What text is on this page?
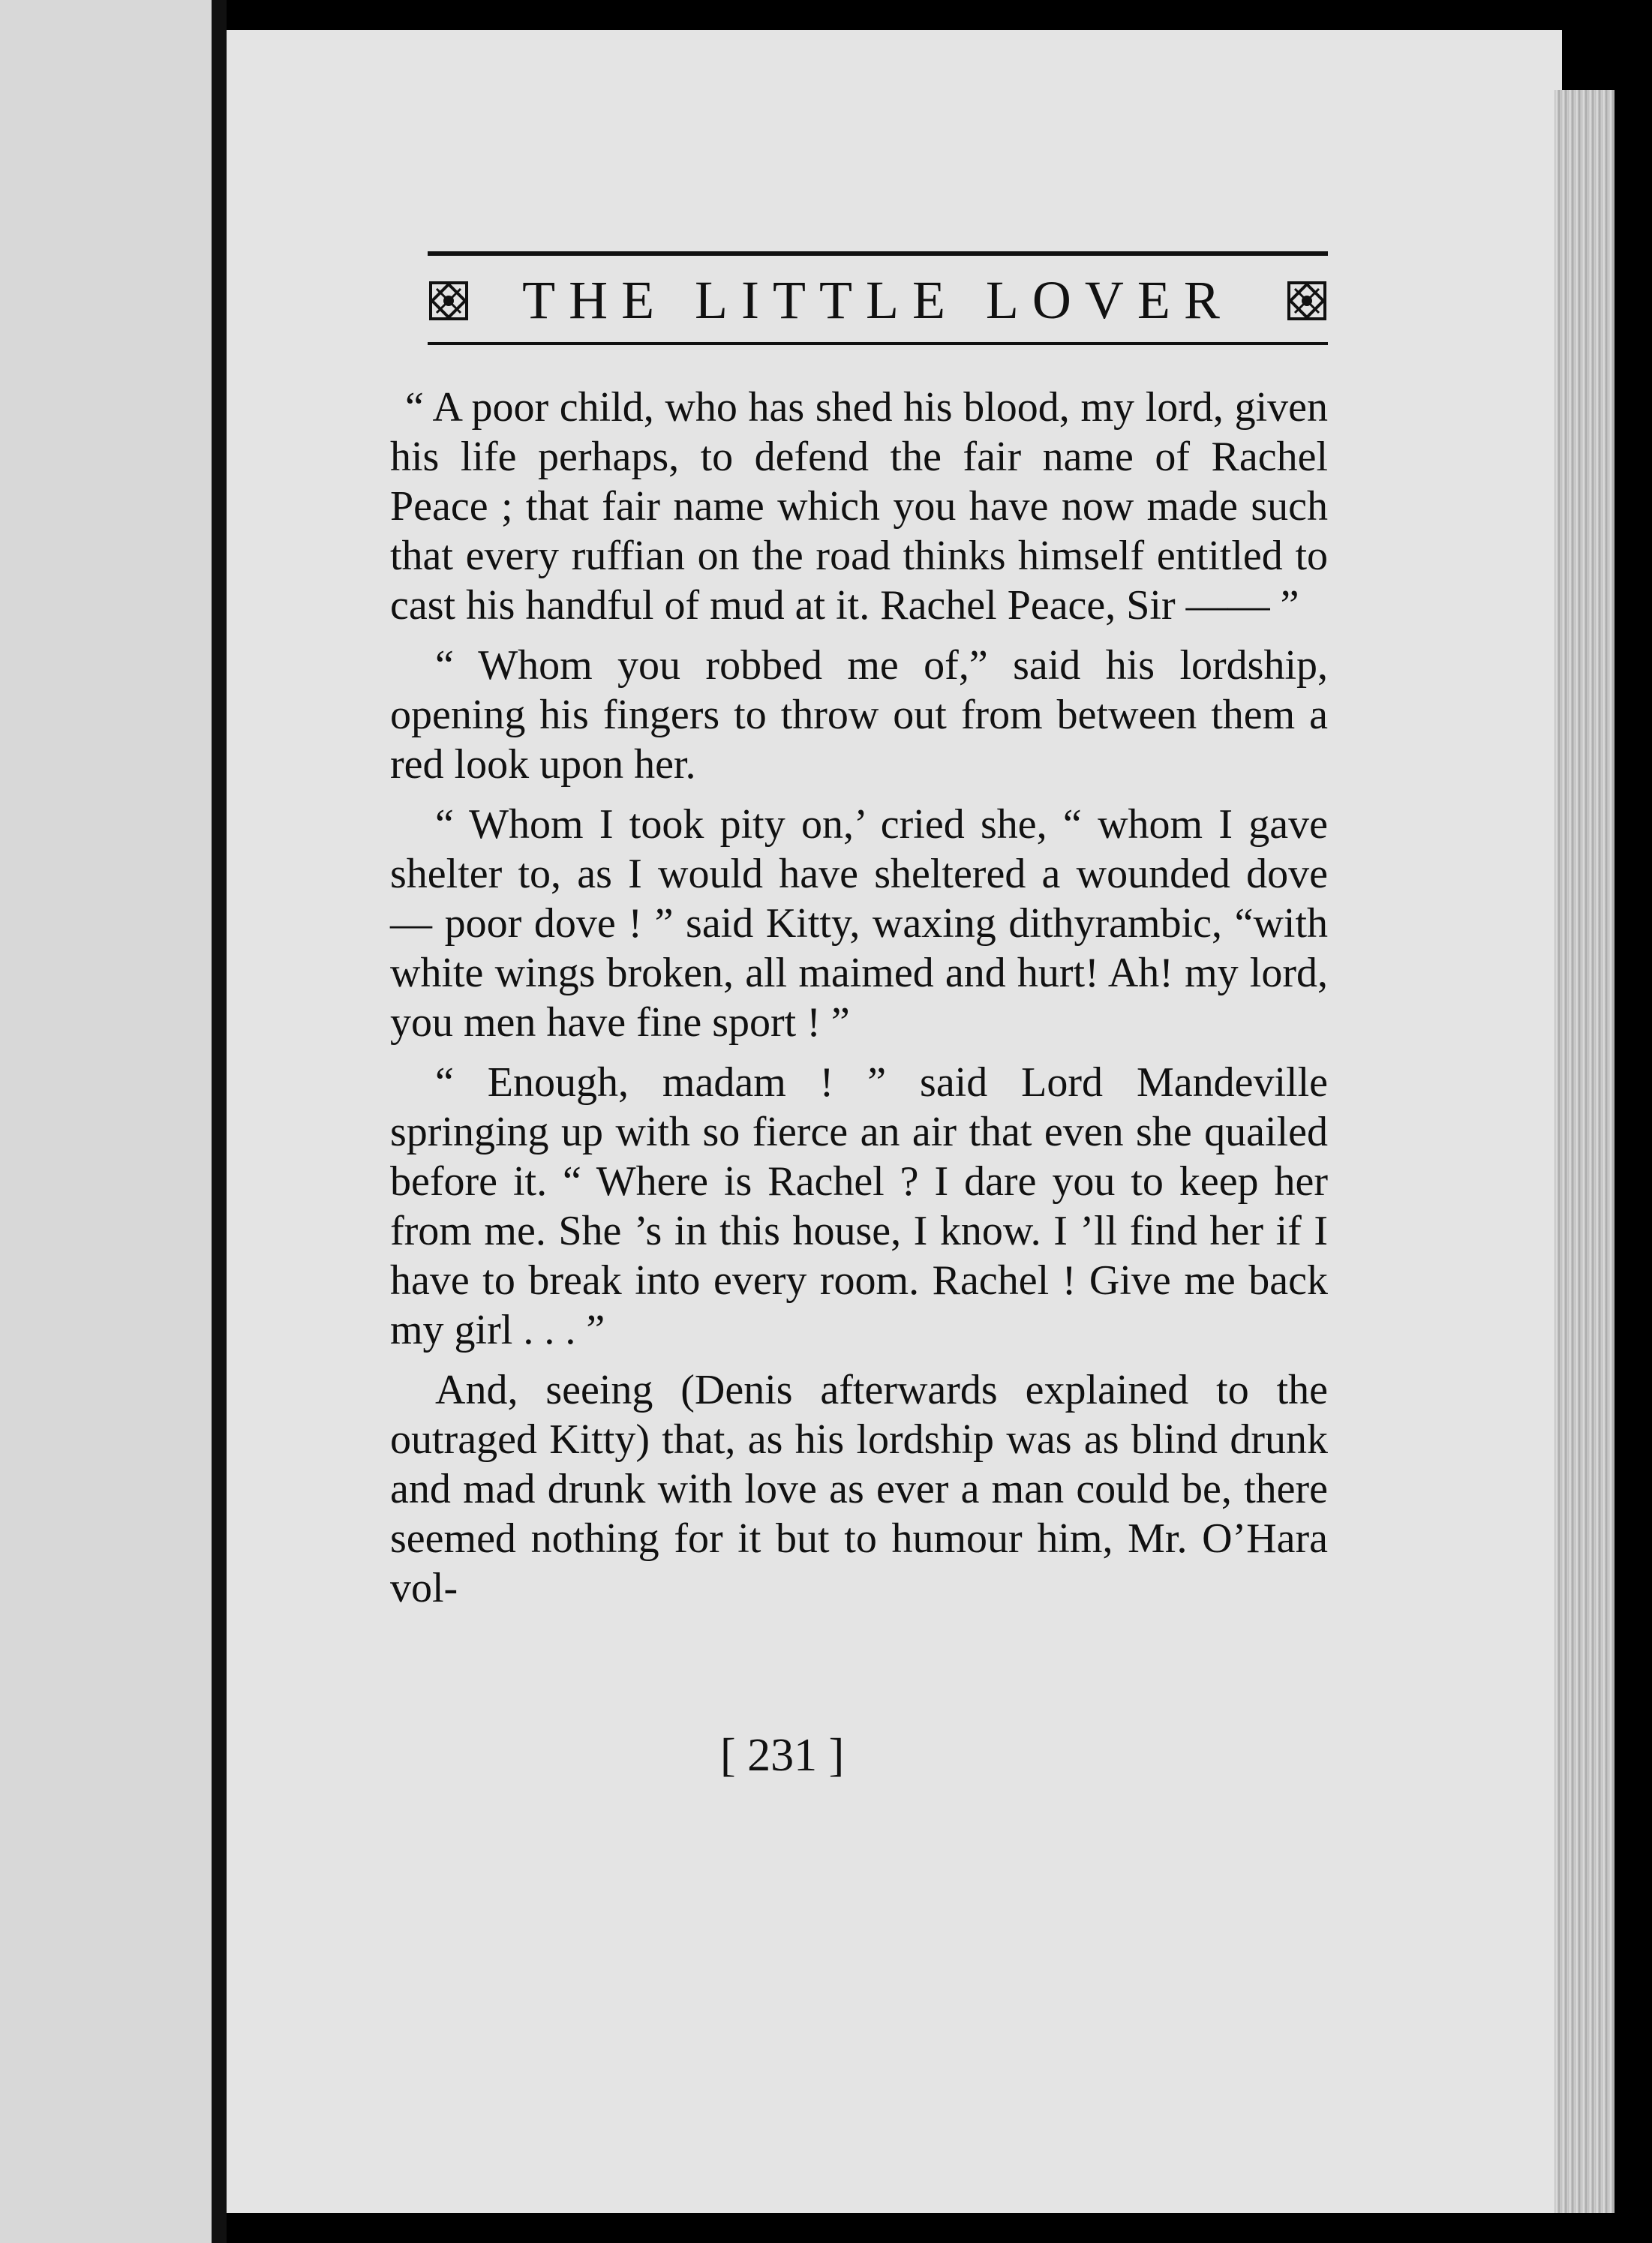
THE LITTLE LOVER

“ A poor child, who has shed his blood, my lord, given his life perhaps, to defend the fair name of Rachel Peace ; that fair name which you have now made such that every ruffian on the road thinks himself entitled to cast his handful of mud at it. Rachel Peace, Sir —— ”

“ Whom you robbed me of,” said his lordship, opening his fingers to throw out from between them a red look upon her.

“ Whom I took pity on,’ cried she, “ whom I gave shelter to, as I would have sheltered a wounded dove — poor dove ! ” said Kitty, waxing dithyrambic, “with white wings broken, all maimed and hurt! Ah! my lord, you men have fine sport ! ”

“ Enough, madam ! ” said Lord Mandeville springing up with so fierce an air that even she quailed before it. “ Where is Rachel ? I dare you to keep her from me. She ’s in this house, I know. I ’ll find her if I have to break into every room. Rachel ! Give me back my girl . . . ”

And, seeing (Denis afterwards explained to the outraged Kitty) that, as his lordship was as blind drunk and mad drunk with love as ever a man could be, there seemed nothing for it but to humour him, Mr. O’Hara vol-

[ 231 ]
